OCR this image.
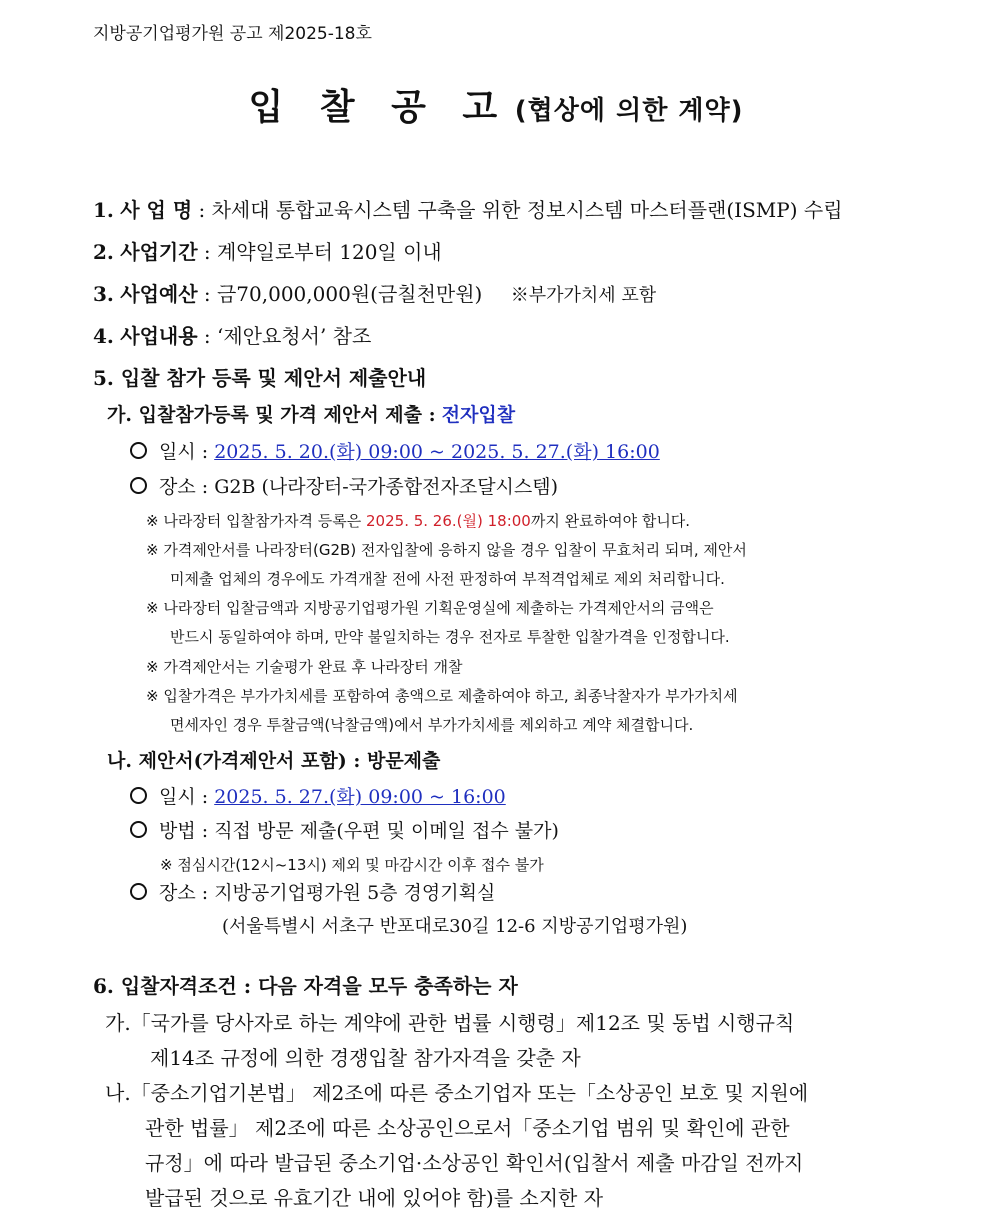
지방공기업평가원 공고 제2025-18호
입 찰 공 고 (협상에 의한 계약)
1. 사 업 명 : 차세대 통합교육시스템 구축을 위한 정보시스템 마스터플랜(ISMP) 수립
2. 사업기간 : 계약일로부터 120일 이내
3. 사업예산 : 금70,000,000원(금칠천만원) ※부가가치세 포함
4. 사업내용 : ‘제안요청서’ 참조
5. 입찰 참가 등록 및 제안서 제출안내
가. 입찰참가등록 및 가격 제안서 제출 : 전자입찰
일시 : 2025. 5. 20.(화) 09:00 ~ 2025. 5. 27.(화) 16:00
장소 : G2B (나라장터-국가종합전자조달시스템)
※ 나라장터 입찰참가자격 등록은 2025. 5. 26.(월) 18:00까지 완료하여야 합니다.
※ 가격제안서를 나라장터(G2B) 전자입찰에 응하지 않을 경우 입찰이 무효처리 되며, 제안서
미제출 업체의 경우에도 가격개찰 전에 사전 판정하여 부적격업체로 제외 처리합니다.
※ 나라장터 입찰금액과 지방공기업평가원 기획운영실에 제출하는 가격제안서의 금액은
반드시 동일하여야 하며, 만약 불일치하는 경우 전자로 투찰한 입찰가격을 인정합니다.
※ 가격제안서는 기술평가 완료 후 나라장터 개찰
※ 입찰가격은 부가가치세를 포함하여 총액으로 제출하여야 하고, 최종낙찰자가 부가가치세
면세자인 경우 투찰금액(낙찰금액)에서 부가가치세를 제외하고 계약 체결합니다.
나. 제안서(가격제안서 포함) : 방문제출
일시 : 2025. 5. 27.(화) 09:00 ~ 16:00
방법 : 직접 방문 제출(우편 및 이메일 접수 불가)
※ 점심시간(12시~13시) 제외 및 마감시간 이후 접수 불가
장소 : 지방공기업평가원 5층 경영기획실
(서울특별시 서초구 반포대로30길 12-6 지방공기업평가원)
6. 입찰자격조건 : 다음 자격을 모두 충족하는 자
가.「국가를 당사자로 하는 계약에 관한 법률 시행령」제12조 및 동법 시행규칙
제14조 규정에 의한 경쟁입찰 참가자격을 갖춘 자
나.「중소기업기본법」 제2조에 따른 중소기업자 또는「소상공인 보호 및 지원에
관한 법률」 제2조에 따른 소상공인으로서「중소기업 범위 및 확인에 관한
규정」에 따라 발급된 중소기업·소상공인 확인서(입찰서 제출 마감일 전까지
발급된 것으로 유효기간 내에 있어야 함)를 소지한 자
